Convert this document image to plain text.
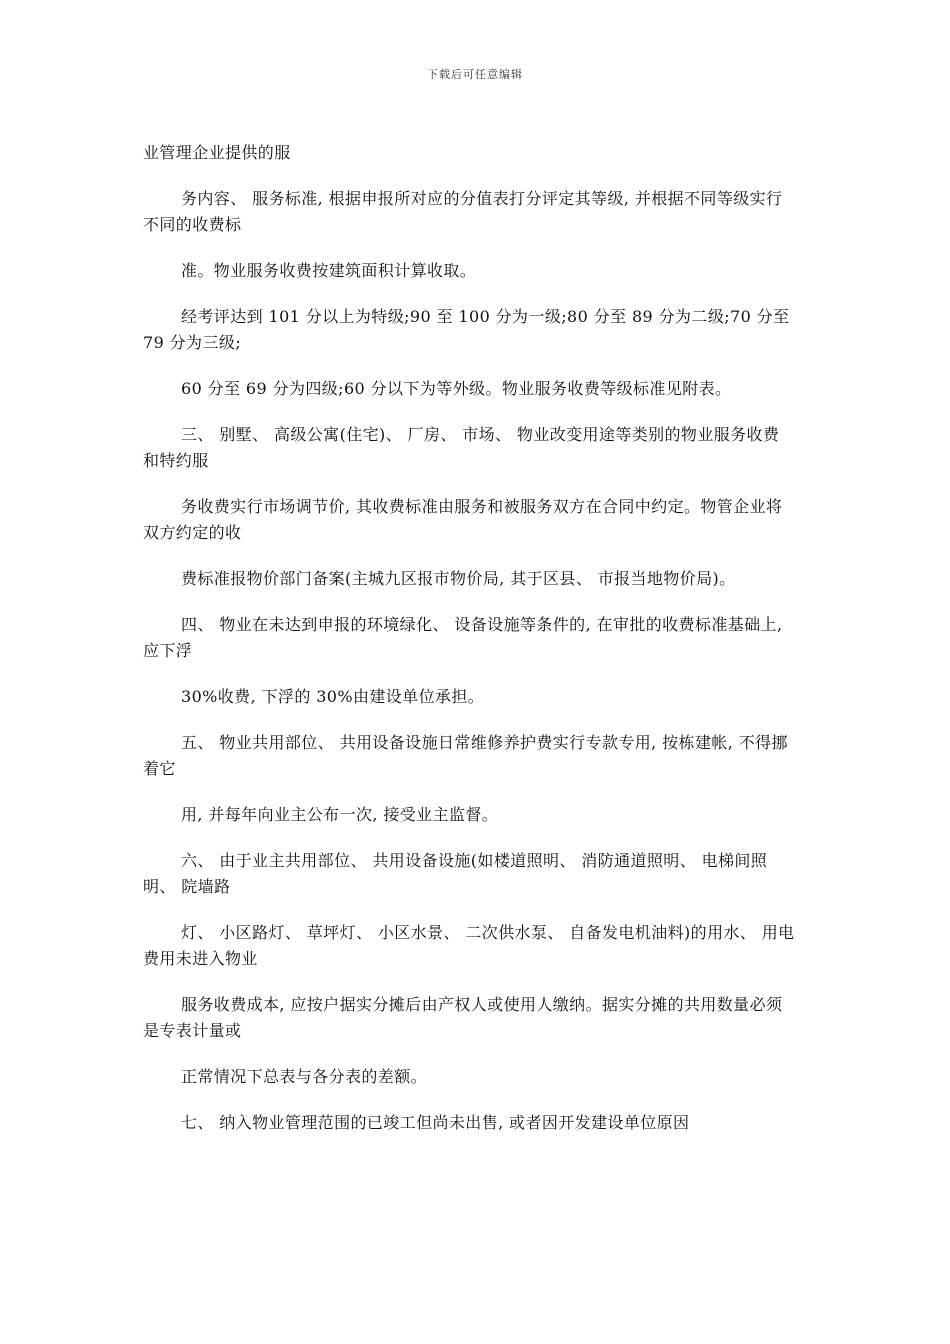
下载后可任意编辑

业管理企业提供的服

务内容、 服务标准, 根据申报所对应的分值表打分评定其等级, 并根据不同等级实行不同的收费标

准。物业服务收费按建筑面积计算收取。

经考评达到 101 分以上为特级;90 至 100 分为一级;80 分至 89 分为二级;70 分至 79 分为三级;

60 分至 69 分为四级;60 分以下为等外级。物业服务收费等级标准见附表。

三、 别墅、 高级公寓(住宅)、 厂房、 市场、 物业改变用途等类别的物业服务收费和特约服

务收费实行市场调节价, 其收费标准由服务和被服务双方在合同中约定。物管企业将双方约定的收

费标准报物价部门备案(主城九区报市物价局, 其于区县、 市报当地物价局)。

四、 物业在未达到申报的环境绿化、 设备设施等条件的, 在审批的收费标准基础上, 应下浮

30%收费, 下浮的 30%由建设单位承担。

五、 物业共用部位、 共用设备设施日常维修养护费实行专款专用, 按栋建帐, 不得挪着它

用, 并每年向业主公布一次, 接受业主监督。

六、 由于业主共用部位、 共用设备设施(如楼道照明、 消防通道照明、 电梯间照明、 院墙路

灯、 小区路灯、 草坪灯、 小区水景、 二次供水泵、 自备发电机油料)的用水、 用电费用未进入物业

服务收费成本, 应按户据实分摊后由产权人或使用人缴纳。据实分摊的共用数量必须是专表计量或

正常情况下总表与各分表的差额。

七、 纳入物业管理范围的已竣工但尚未出售, 或者因开发建设单位原因
